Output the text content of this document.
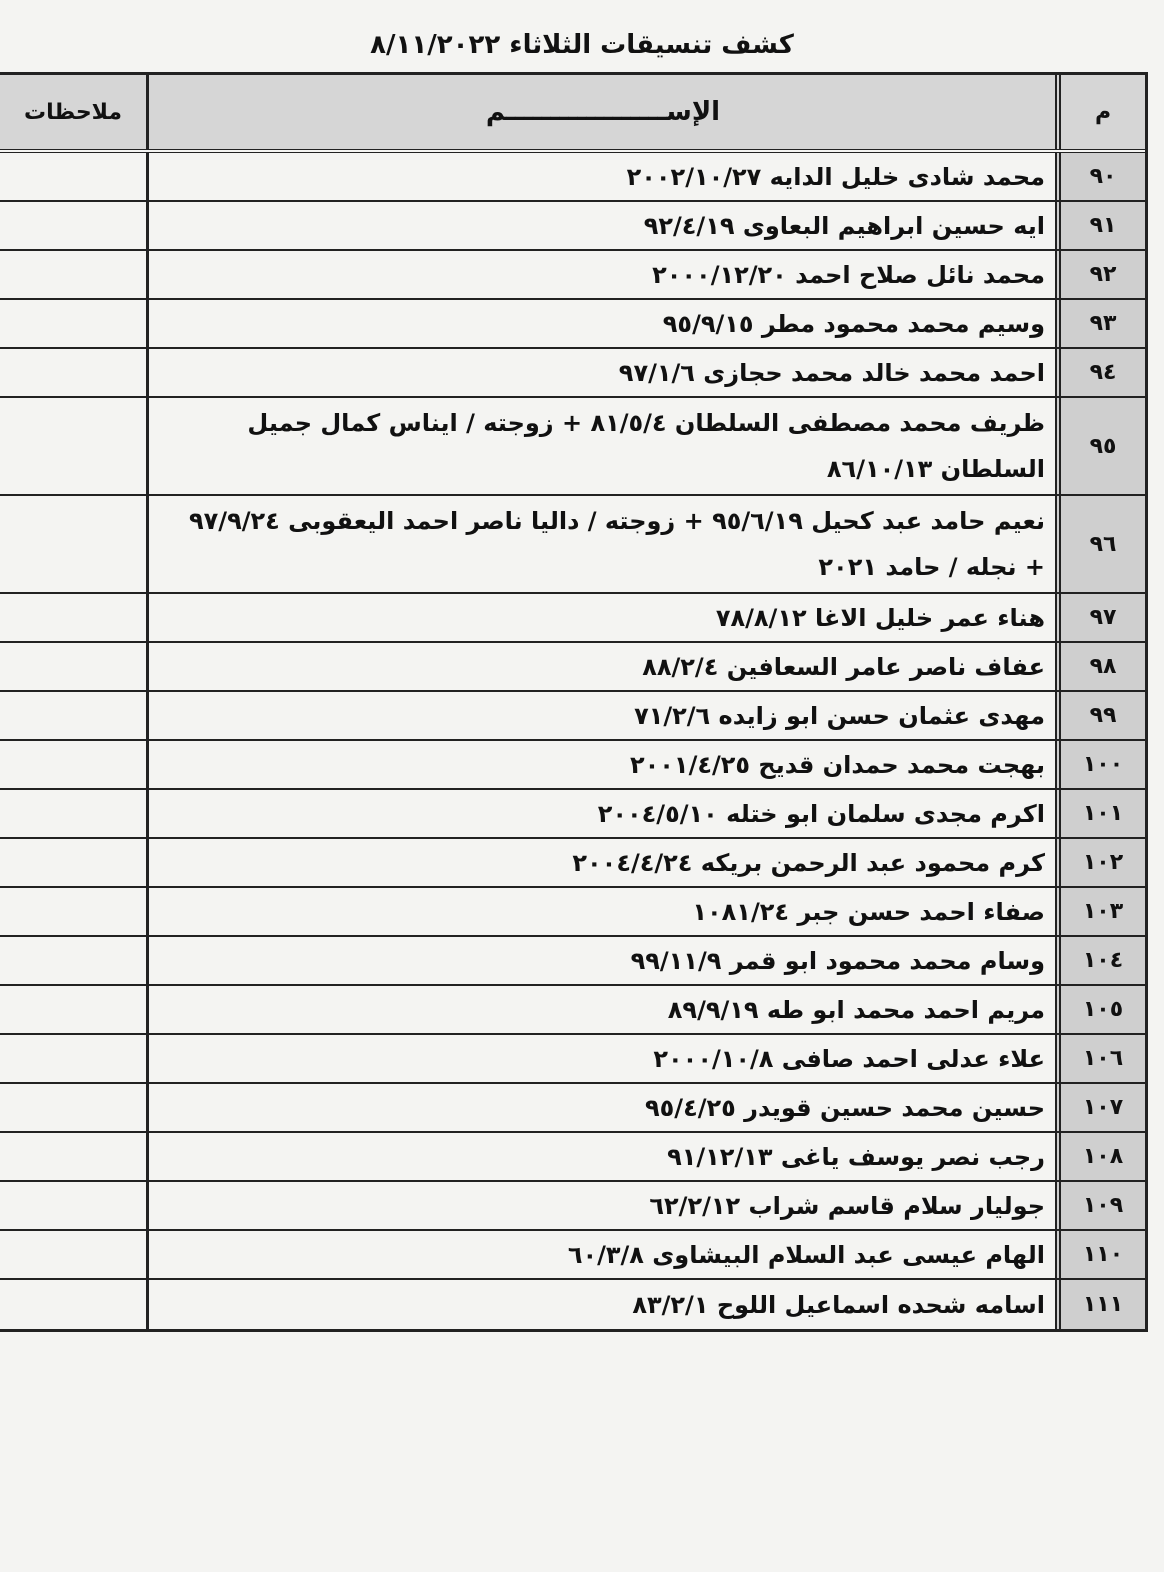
كشف تنسيقات الثلاثاء ٨/١١/٢٠٢٢
م
الإســــــــــــــــــم
ملاحظات
٩٠
محمد شادى خليل الدايه ٢٠٠٢/١٠/٢٧
٩١
ايه حسين ابراهيم البعاوى ٩٢/٤/١٩
٩٢
محمد نائل صلاح احمد ٢٠٠٠/١٢/٢٠
٩٣
وسيم محمد محمود مطر ٩٥/٩/١٥
٩٤
احمد محمد خالد محمد حجازى ٩٧/١/٦
٩٥
ظريف محمد مصطفى السلطان ٨١/٥/٤ + زوجته / ايناس كمال جميل السلطان ٨٦/١٠/١٣
٩٦
نعيم حامد عبد كحيل ٩٥/٦/١٩ + زوجته / داليا ناصر احمد اليعقوبى ٩٧/٩/٢٤ + نجله / حامد ٢٠٢١
٩٧
هناء عمر خليل الاغا ٧٨/٨/١٢
٩٨
عفاف ناصر عامر السعافين ٨٨/٢/٤
٩٩
مهدى عثمان حسن ابو زايده ٧١/٢/٦
١٠٠
بهجت محمد حمدان قديح ٢٠٠١/٤/٢٥
١٠١
اكرم مجدى سلمان ابو ختله ٢٠٠٤/٥/١٠
١٠٢
كرم محمود عبد الرحمن بريكه ٢٠٠٤/٤/٢٤
١٠٣
صفاء احمد حسن جبر ١٠٨١/٢٤
١٠٤
وسام محمد محمود ابو قمر ٩٩/١١/٩
١٠٥
مريم احمد محمد ابو طه ٨٩/٩/١٩
١٠٦
علاء عدلى احمد صافى ٢٠٠٠/١٠/٨
١٠٧
حسين محمد حسين قويدر ٩٥/٤/٢٥
١٠٨
رجب نصر يوسف ياغى ٩١/١٢/١٣
١٠٩
جوليار سلام قاسم شراب ٦٢/٢/١٢
١١٠
الهام عيسى عبد السلام البيشاوى ٦٠/٣/٨
١١١
اسامه شحده اسماعيل اللوح ٨٣/٢/١
